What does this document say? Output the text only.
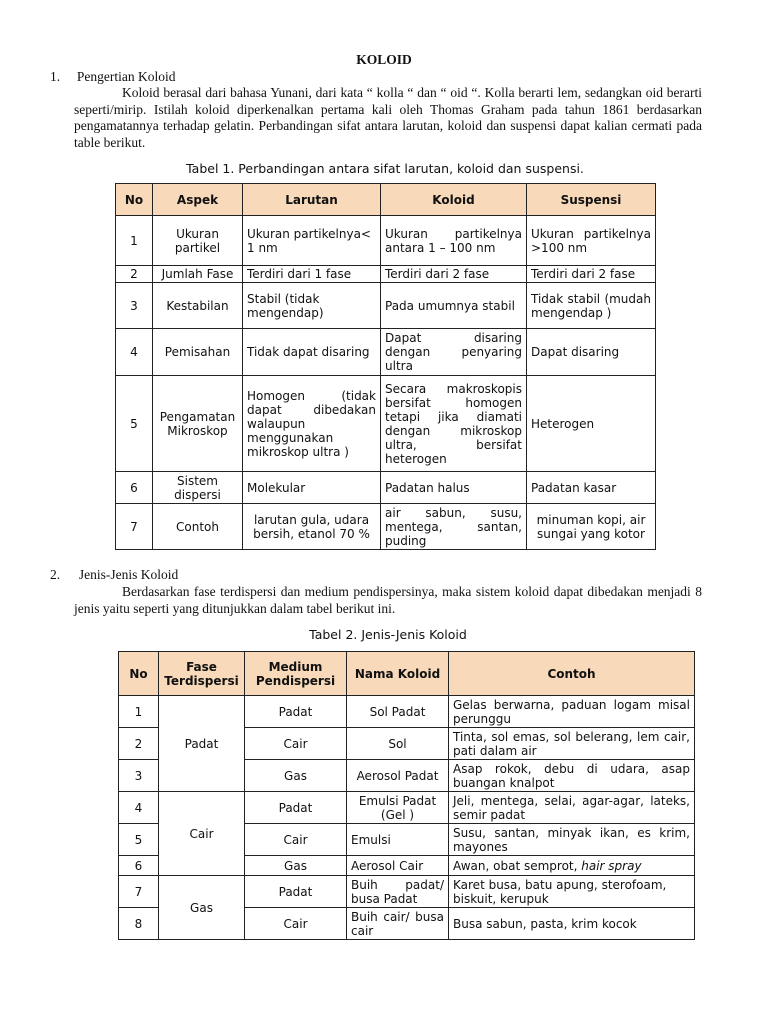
KOLOID
1. Pengertian Koloid
Koloid berasal dari bahasa Yunani, dari kata “ kolla “ dan “ oid “. Kolla berarti lem, sedangkan oid berarti seperti/mirip. Istilah koloid diperkenalkan pertama kali oleh Thomas Graham pada tahun 1861 berdasarkan pengamatannya terhadap gelatin. Perbandingan sifat antara larutan, koloid dan suspensi dapat kalian cermati pada table berikut.
Tabel 1. Perbandingan antara sifat larutan, koloid dan suspensi.
No	Aspek	Larutan	Koloid	Suspensi
1	Ukuran partikel	Ukuran partikelnya< 1 nm	Ukuran partikelnya antara 1 – 100 nm	Ukuran partikelnya >100 nm
2	Jumlah Fase	Terdiri dari 1 fase	Terdiri dari 2 fase	Terdiri dari 2 fase
3	Kestabilan	Stabil (tidak mengendap)	Pada umumnya stabil	Tidak stabil (mudah mengendap )
4	Pemisahan	Tidak dapat disaring	Dapat disaring dengan penyaring ultra	Dapat disaring
5	Pengamatan Mikroskop	Homogen (tidak dapat dibedakan walaupun menggunakan mikroskop ultra )	Secara makroskopis bersifat homogen tetapi jika diamati dengan mikroskop ultra, bersifat heterogen	Heterogen
6	Sistem dispersi	Molekular	Padatan halus	Padatan kasar
7	Contoh	larutan gula, udara bersih, etanol 70 %	air sabun, susu, mentega, santan, puding	minuman kopi, air sungai yang kotor
2. Jenis-Jenis Koloid
Berdasarkan fase terdispersi dan medium pendispersinya, maka sistem koloid dapat dibedakan menjadi 8 jenis yaitu seperti yang ditunjukkan dalam tabel berikut ini.
Tabel 2. Jenis-Jenis Koloid
No	Fase Terdispersi	Medium Pendispersi	Nama Koloid	Contoh
1	Padat	Padat	Sol Padat	Gelas berwarna, paduan logam misal perunggu
2		Cair	Sol	Tinta, sol emas, sol belerang, lem cair, pati dalam air
3		Gas	Aerosol Padat	Asap rokok, debu di udara, asap buangan knalpot
4	Cair	Padat	Emulsi Padat (Gel )	Jeli, mentega, selai, agar-agar, lateks, semir padat
5		Cair	Emulsi	Susu, santan, minyak ikan, es krim, mayones
6		Gas	Aerosol Cair	Awan, obat semprot, hair spray
7	Gas	Padat	Buih padat/ busa Padat	Karet busa, batu apung, sterofoam, biskuit, kerupuk
8		Cair	Buih cair/ busa cair	Busa sabun, pasta, krim kocok
